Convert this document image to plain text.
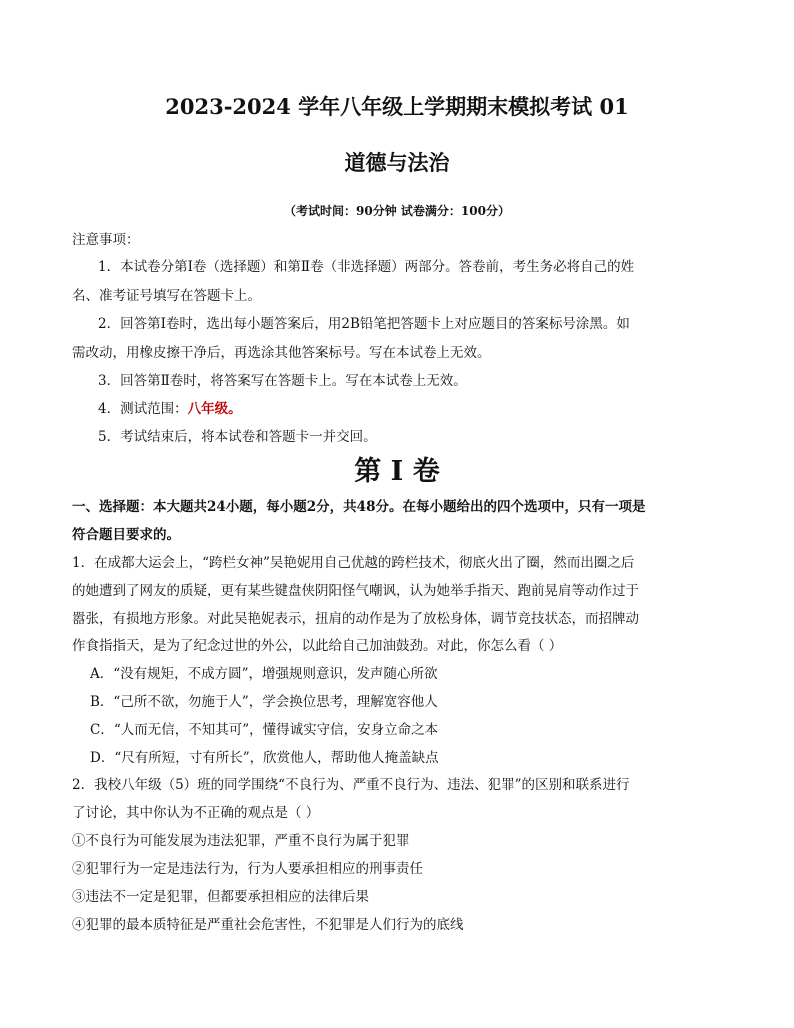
2023-2024 学年八年级上学期期末模拟考试 01
道德与法治
（考试时间：90分钟 试卷满分：100分）
注意事项：
1．本试卷分第Ⅰ卷（选择题）和第Ⅱ卷（非选择题）两部分。答卷前，考生务必将自己的姓
名、准考证号填写在答题卡上。
2．回答第Ⅰ卷时，选出每小题答案后，用2B铅笔把答题卡上对应题目的答案标号涂黑。如
需改动，用橡皮擦干净后，再选涂其他答案标号。写在本试卷上无效。
3．回答第Ⅱ卷时，将答案写在答题卡上。写在本试卷上无效。
4．测试范围：八年级。
5．考试结束后，将本试卷和答题卡一并交回。
第 I 卷
一、选择题：本大题共24小题，每小题2分，共48分。在每小题给出的四个选项中，只有一项是
符合题目要求的。
1．在成都大运会上，“跨栏女神”吴艳妮用自己优越的跨栏技术，彻底火出了圈，然而出圈之后
的她遭到了网友的质疑，更有某些键盘侠阴阳怪气嘲讽，认为她举手指天、跑前晃肩等动作过于
嚣张，有损地方形象。对此吴艳妮表示，扭肩的动作是为了放松身体，调节竞技状态，而招牌动
作食指指天，是为了纪念过世的外公，以此给自己加油鼓劲。对此，你怎么看（ ）
A．“没有规矩，不成方圆”，增强规则意识，发声随心所欲
B．“己所不欲，勿施于人”，学会换位思考，理解宽容他人
C．“人而无信，不知其可”，懂得诚实守信，安身立命之本
D．“尺有所短，寸有所长”，欣赏他人，帮助他人掩盖缺点
2．我校八年级（5）班的同学围绕“不良行为、严重不良行为、违法、犯罪”的区别和联系进行
了讨论，其中你认为不正确的观点是（ ）
①不良行为可能发展为违法犯罪，严重不良行为属于犯罪
②犯罪行为一定是违法行为，行为人要承担相应的刑事责任
③违法不一定是犯罪，但都要承担相应的法律后果
④犯罪的最本质特征是严重社会危害性，不犯罪是人们行为的底线
